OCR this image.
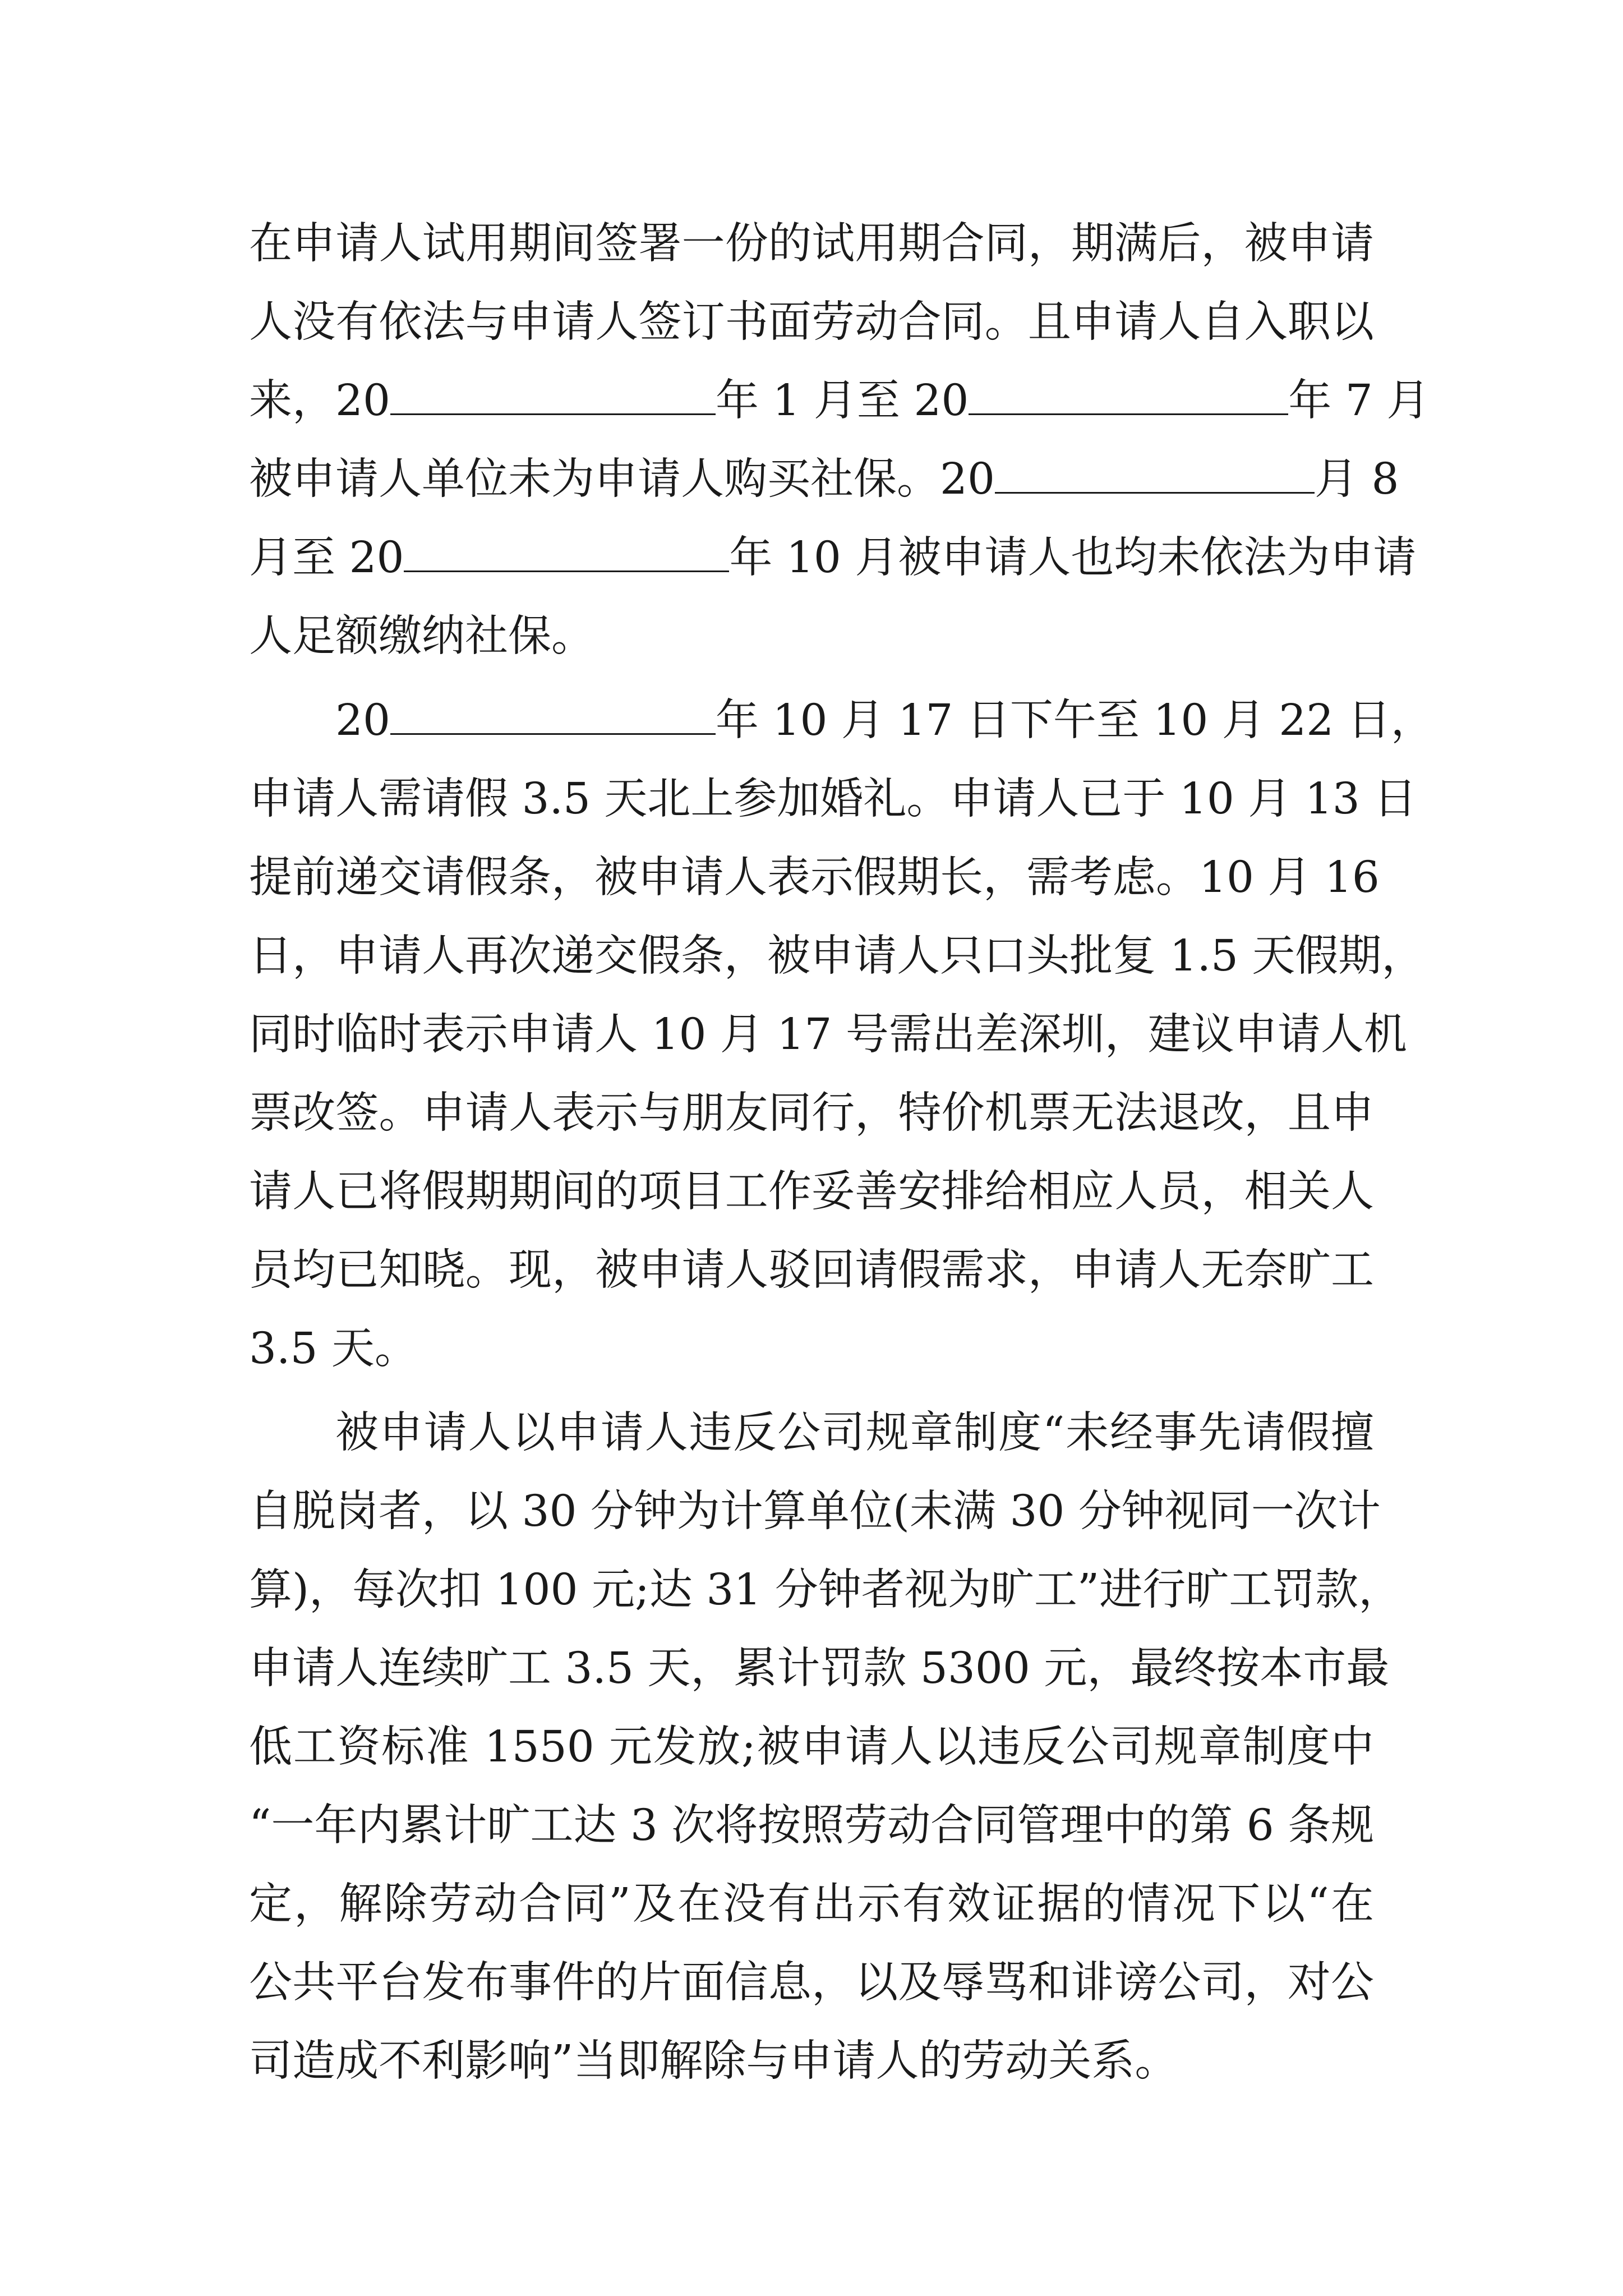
在申请人试用期间签署一份的试用期合同，期满后，被申请
人没有依法与申请人签订书面劳动合同。且申请人自入职以
来，20	年 1 月至 20	年 7 月
被申请人单位未为申请人购买社保。20	月 8
月至 20	年 10 月被申请人也均未依法为申请
人足额缴纳社保。
20	年 10 月 17 日下午至 10 月 22 日，
申请人需请假 3.5 天北上参加婚礼。申请人已于 10 月 13 日
提前递交请假条，被申请人表示假期长，需考虑。10 月 16
日，申请人再次递交假条，被申请人只口头批复 1.5 天假期，
同时临时表示申请人 10 月 17 号需出差深圳，建议申请人机
票改签。申请人表示与朋友同行，特价机票无法退改，且申
请人已将假期期间的项目工作妥善安排给相应人员，相关人
员均已知晓。现，被申请人驳回请假需求，申请人无奈旷工
3.5 天。
被申请人以申请人违反公司规章制度“未经事先请假擅
自脱岗者，以 30 分钟为计算单位(未满 30 分钟视同一次计
算)，每次扣 100 元;达 31 分钟者视为旷工”进行旷工罚款，
申请人连续旷工 3.5 天，累计罚款 5300 元，最终按本市最
低工资标准 1550 元发放;被申请人以违反公司规章制度中
“一年内累计旷工达 3 次将按照劳动合同管理中的第 6 条规
定，解除劳动合同”及在没有出示有效证据的情况下以“在
公共平台发布事件的片面信息，以及辱骂和诽谤公司，对公
司造成不利影响”当即解除与申请人的劳动关系。
